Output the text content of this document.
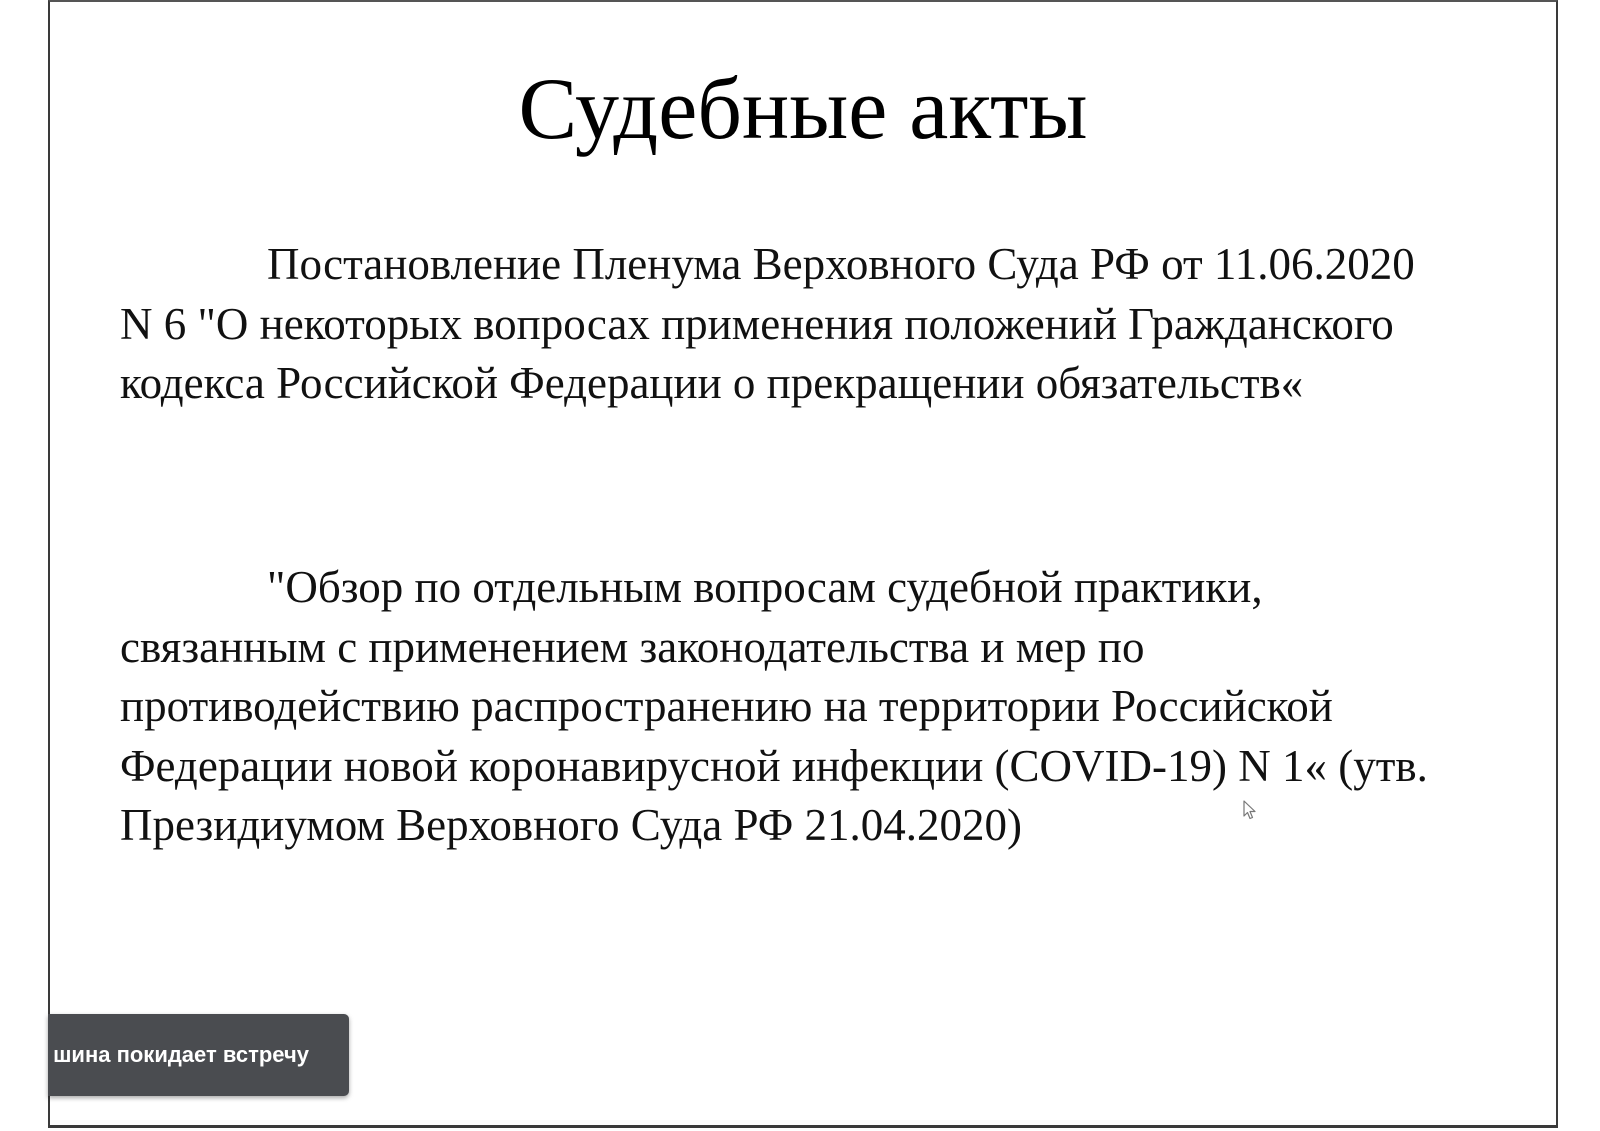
Судебные акты

Постановление Пленума Верховного Суда РФ от 11.06.2020 N 6 "О некоторых вопросах применения положений Гражданского кодекса Российской Федерации о прекращении обязательств«

"Обзор по отдельным вопросам судебной практики, связанным с применением законодательства и мер по противодействию распространению на территории Российской Федерации новой коронавирусной инфекции (COVID-19) N 1« (утв. Президиумом Верховного Суда РФ 21.04.2020)

шина покидает встречу
